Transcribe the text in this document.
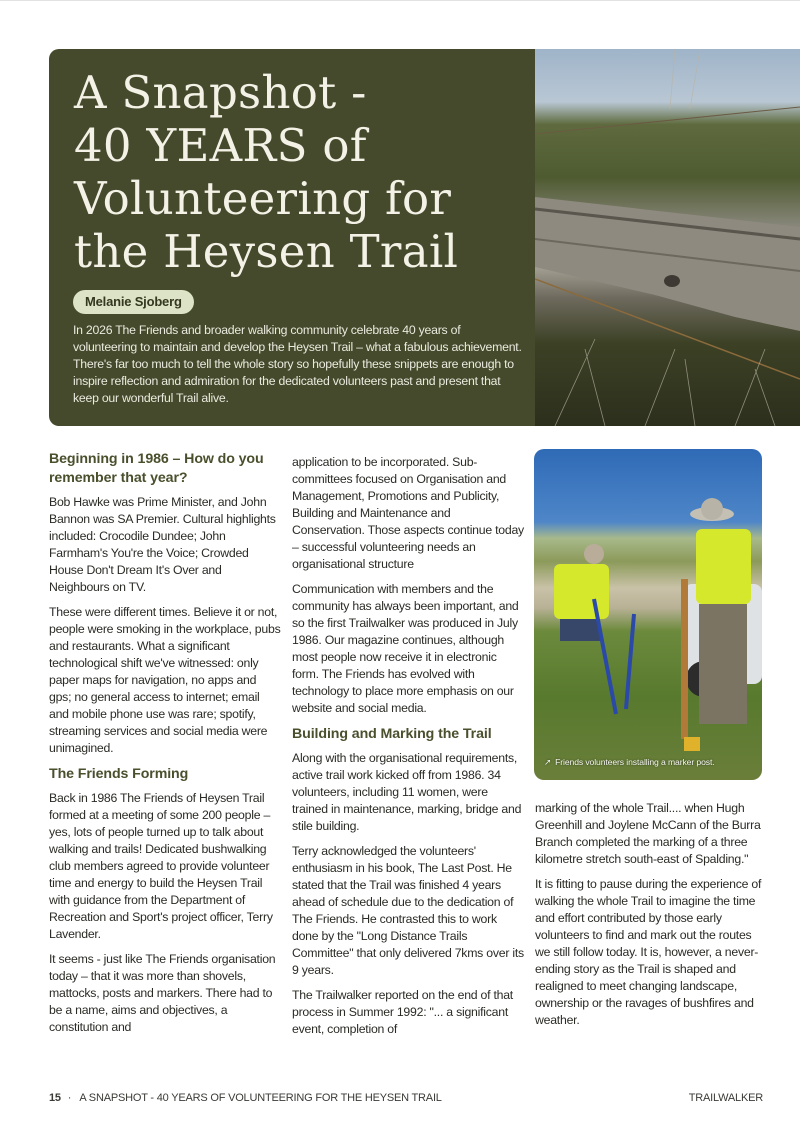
A Snapshot -
40 YEARS of
Volunteering for
the Heysen Trail
Melanie Sjoberg

In 2026 The Friends and broader walking community celebrate 40 years of volunteering to maintain and develop the Heysen Trail – what a fabulous achievement. There's far too much to tell the whole story so hopefully these snippets are enough to inspire reflection and admiration for the dedicated volunteers past and present that keep our wonderful Trail alive.

Beginning in 1986 – How do you remember that year?

Bob Hawke was Prime Minister, and John Bannon was SA Premier. Cultural highlights included: Crocodile Dundee; John Farmham's You're the Voice; Crowded House Don't Dream It's Over and Neighbours on TV.

These were different times. Believe it or not, people were smoking in the workplace, pubs and restaurants. What a significant technological shift we've witnessed: only paper maps for navigation, no apps and gps; no general access to internet; email and mobile phone use was rare; spotify, streaming services and social media were unimagined.

The Friends Forming

Back in 1986 The Friends of Heysen Trail formed at a meeting of some 200 people – yes, lots of people turned up to talk about walking and trails! Dedicated bushwalking club members agreed to provide volunteer time and energy to build the Heysen Trail with guidance from the Department of Recreation and Sport's project officer, Terry Lavender.

It seems - just like The Friends organisation today – that it was more than shovels, mattocks, posts and markers. There had to be a name, aims and objectives, a constitution and

application to be incorporated. Sub-committees focused on Organisation and Management, Promotions and Publicity, Building and Maintenance and Conservation. Those aspects continue today – successful volunteering needs an organisational structure

Communication with members and the community has always been important, and so the first Trailwalker was produced in July 1986. Our magazine continues, although most people now receive it in electronic form. The Friends has evolved with technology to place more emphasis on our website and social media.

Building and Marking the Trail

Along with the organisational requirements, active trail work kicked off from 1986. 34 volunteers, including 11 women, were trained in maintenance, marking, bridge and stile building.

Terry acknowledged the volunteers' enthusiasm in his book, The Last Post. He stated that the Trail was finished 4 years ahead of schedule due to the dedication of The Friends. He contrasted this to work done by the "Long Distance Trails Committee" that only delivered 7kms over its 9 years.

The Trailwalker reported on the end of that process in Summer 1992: "... a significant event, completion of

↗ Friends volunteers installing a marker post.

marking of the whole Trail.... when Hugh Greenhill and Joylene McCann of the Burra Branch completed the marking of a three kilometre stretch south-east of Spalding."

It is fitting to pause during the experience of walking the whole Trail to imagine the time and effort contributed by those early volunteers to find and mark out the routes we still follow today. It is, however, a never-ending story as the Trail is shaped and realigned to meet changing landscape, ownership or the ravages of bushfires and weather.

15 · A SNAPSHOT - 40 YEARS OF VOLUNTEERING FOR THE HEYSEN TRAIL	TRAILWALKER
